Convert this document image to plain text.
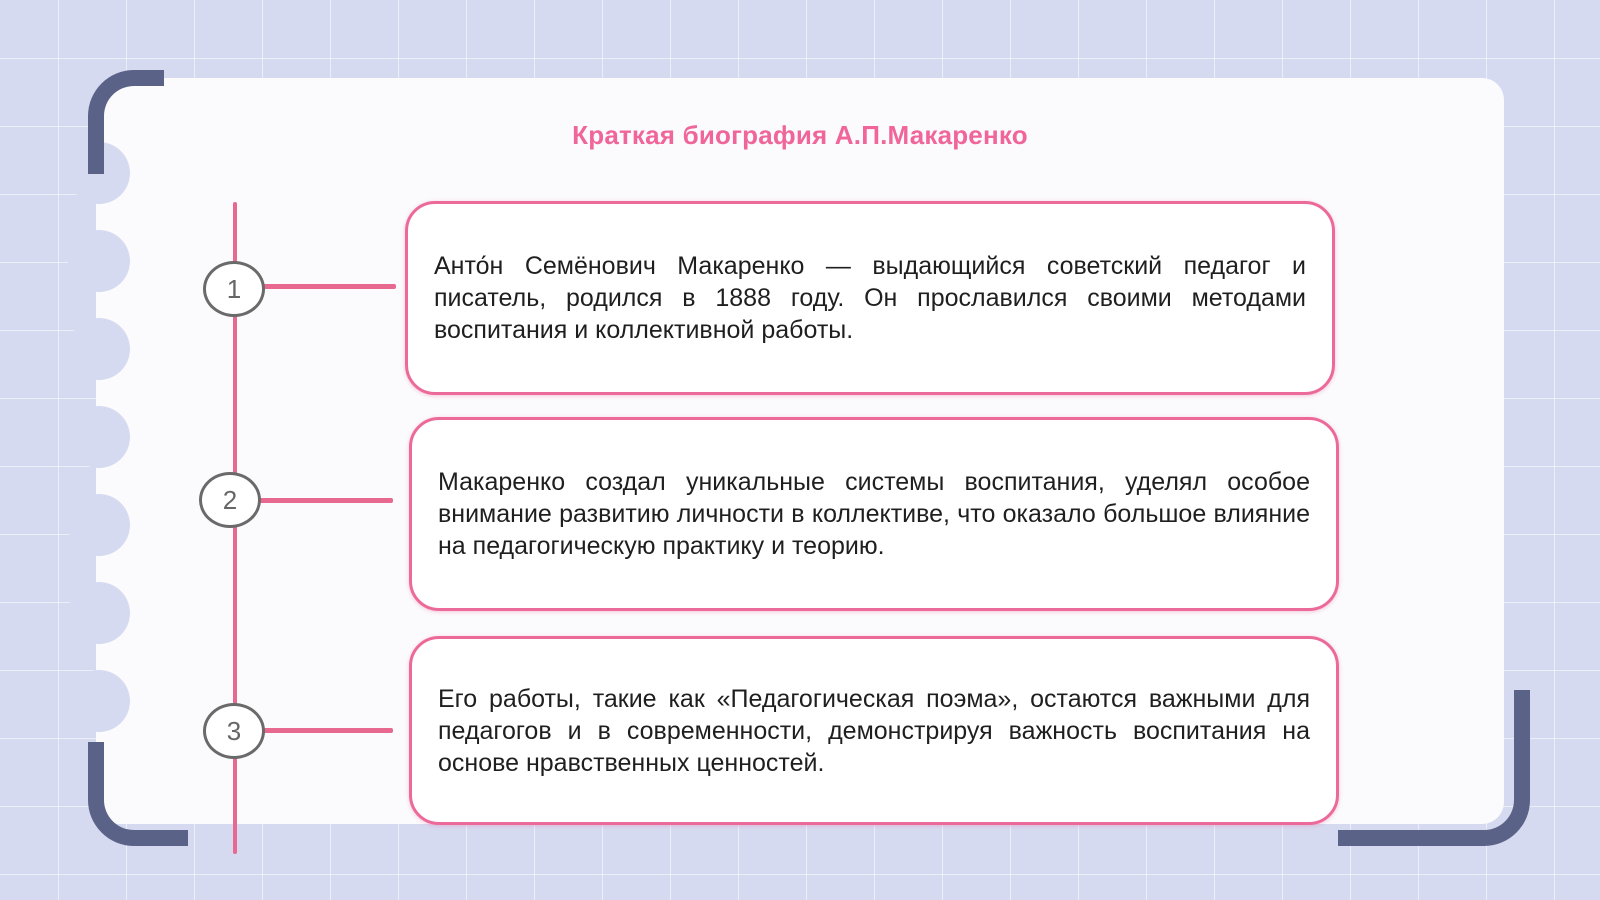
Краткая биография А.П.Макаренко
1

Анто́н Семёнович Макаренко — выдающийся советский педагог и писатель, родился в 1888 году. Он прославился своими методами воспитания и коллективной работы.

2

Макаренко создал уникальные системы воспитания, уделял особое внимание развитию личности в коллективе, что оказало большое влияние на педагогическую практику и теорию.

3

Его работы, такие как «Педагогическая поэма», остаются важными для педагогов и в современности, демонстрируя важность воспитания на основе нравственных ценностей.
